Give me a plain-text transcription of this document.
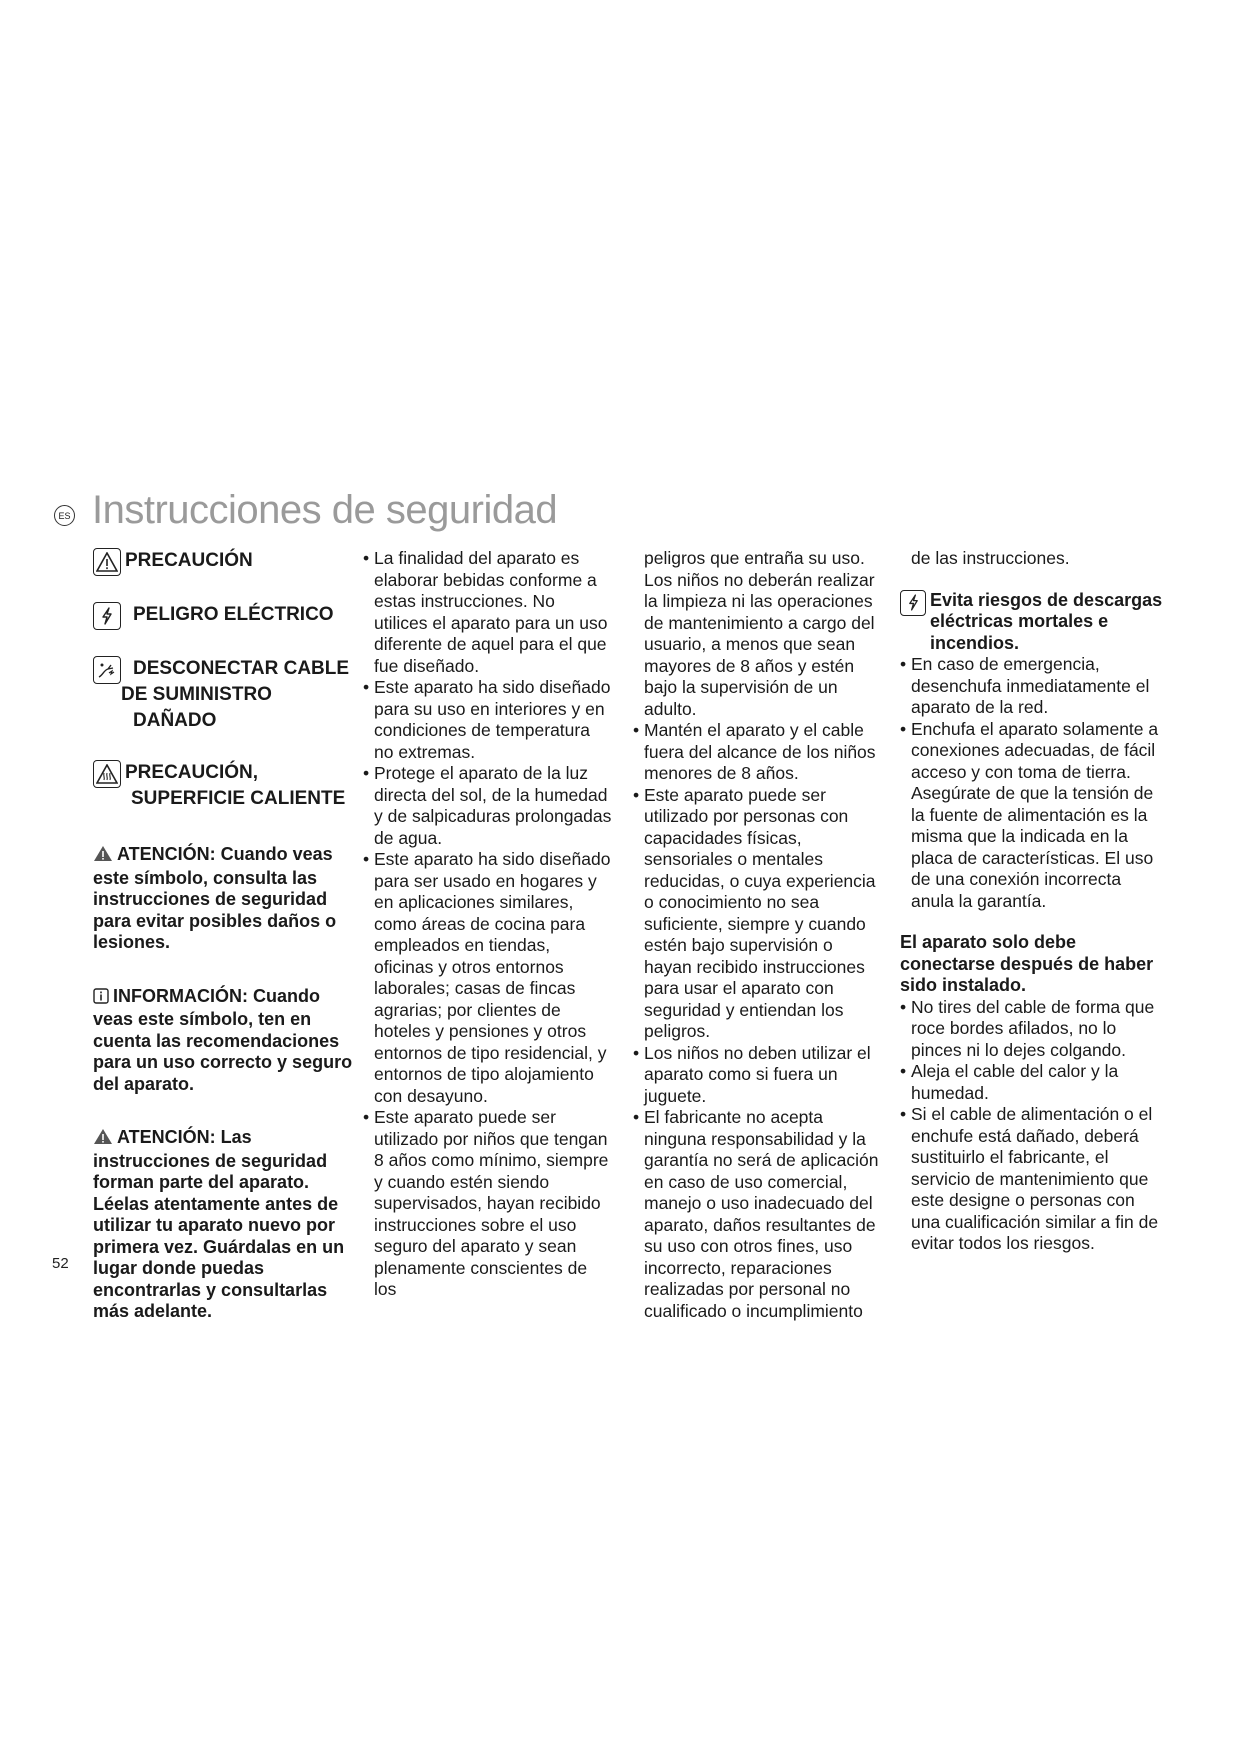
ES Instrucciones de seguridad
PRECAUCIÓN
PELIGRO ELÉCTRICO
DESCONECTAR CABLE
DE SUMINISTRO DAÑADO
PRECAUCIÓN,
SUPERFICIE CALIENTE

ATENCIÓN: Cuando veas este símbolo, consulta las instrucciones de seguridad para evitar posibles daños o lesiones.

INFORMACIÓN: Cuando veas este símbolo, ten en cuenta las recomendaciones para un uso correcto y seguro del aparato.

ATENCIÓN: Las instrucciones de seguridad forman parte del aparato. Léelas atentamente antes de utilizar tu aparato nuevo por primera vez. Guárdalas en un lugar donde puedas encontrarlas y consultarlas más adelante.

• La finalidad del aparato es elaborar bebidas conforme a estas instrucciones. No utilices el aparato para un uso diferente de aquel para el que fue diseñado.
• Este aparato ha sido diseñado para su uso en interiores y en condiciones de temperatura no extremas.
• Protege el aparato de la luz directa del sol, de la humedad y de salpicaduras prolongadas de agua.
• Este aparato ha sido diseñado para ser usado en hogares y en aplicaciones similares, como áreas de cocina para empleados en tiendas, oficinas y otros entornos laborales; casas de fincas agrarias; por clientes de hoteles y pensiones y otros entornos de tipo residencial, y entornos de tipo alojamiento con desayuno.
• Este aparato puede ser utilizado por niños que tengan 8 años como mínimo, siempre y cuando estén siendo supervisados, hayan recibido instrucciones sobre el uso seguro del aparato y sean plenamente conscientes de los

peligros que entraña su uso. Los niños no deberán realizar la limpieza ni las operaciones de mantenimiento a cargo del usuario, a menos que sean mayores de 8 años y estén bajo la supervisión de un adulto.

• Mantén el aparato y el cable fuera del alcance de los niños menores de 8 años.
• Este aparato puede ser utilizado por personas con capacidades físicas, sensoriales o mentales reducidas, o cuya experiencia o conocimiento no sea suficiente, siempre y cuando estén bajo supervisión o hayan recibido instrucciones para usar el aparato con seguridad y entiendan los peligros.
• Los niños no deben utilizar el aparato como si fuera un juguete.
• El fabricante no acepta ninguna responsabilidad y la garantía no será de aplicación en caso de uso comercial, manejo o uso inadecuado del aparato, daños resultantes de su uso con otros fines, uso incorrecto, reparaciones realizadas por personal no cualificado o incumplimiento

de las instrucciones.

Evita riesgos de descargas eléctricas mortales e incendios.

• En caso de emergencia, desenchufa inmediatamente el aparato de la red.
• Enchufa el aparato solamente a conexiones adecuadas, de fácil acceso y con toma de tierra. Asegúrate de que la tensión de la fuente de alimentación es la misma que la indicada en la placa de características. El uso de una conexión incorrecta anula la garantía.

El aparato solo debe conectarse después de haber sido instalado.

• No tires del cable de forma que roce bordes afilados, no lo pinces ni lo dejes colgando.
• Aleja el cable del calor y la humedad.
• Si el cable de alimentación o el enchufe está dañado, deberá sustituirlo el fabricante, el servicio de mantenimiento que este designe o personas con una cualificación similar a fin de evitar todos los riesgos.
52
